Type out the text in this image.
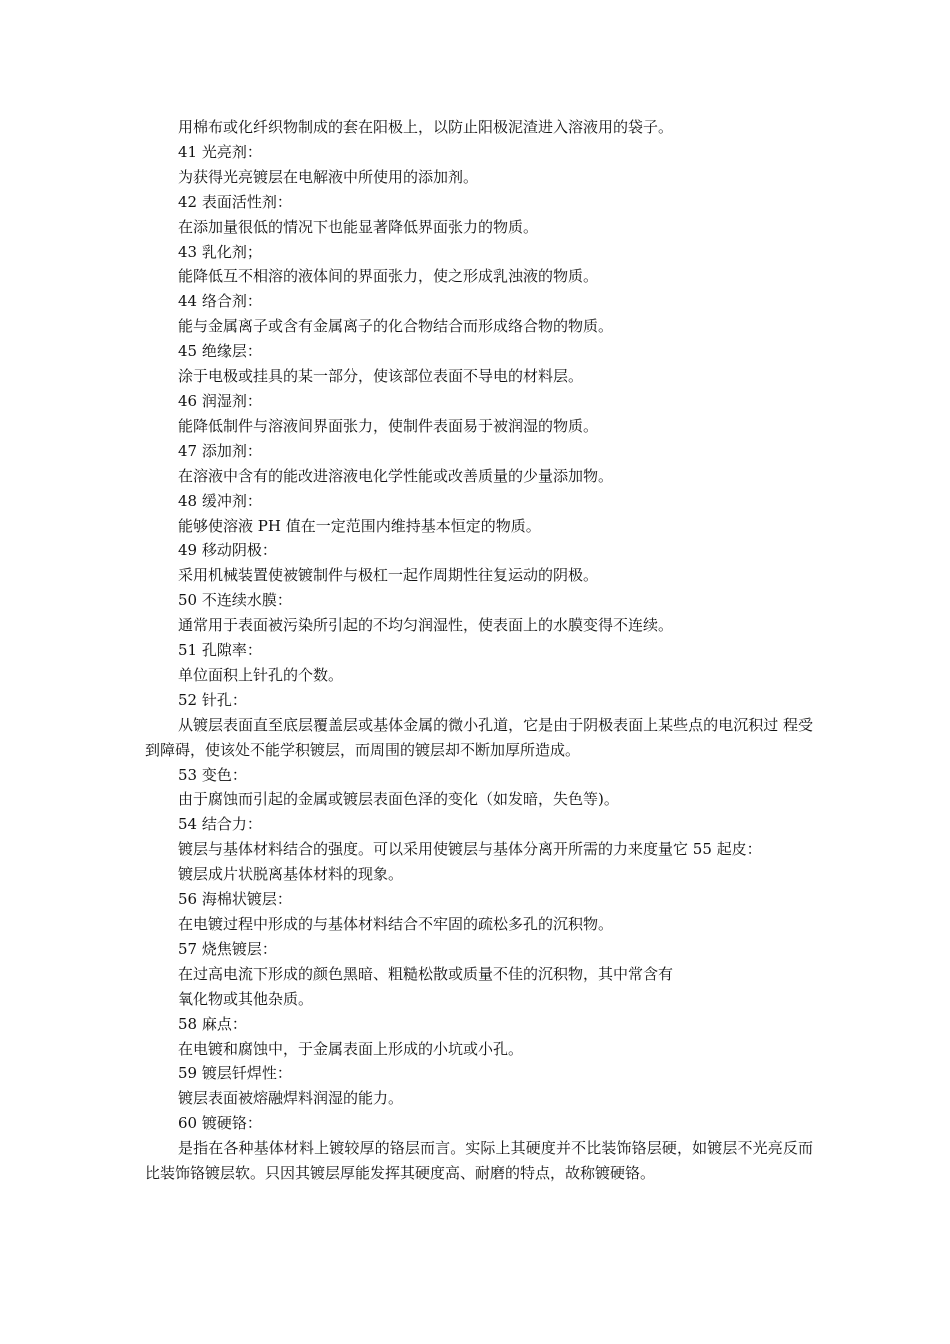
用棉布或化纤织物制成的套在阳极上，以防止阳极泥渣进入溶液用的袋子。
41 光亮剂：
为获得光亮镀层在电解液中所使用的添加剂。
42 表面活性剂：
在添加量很低的情况下也能显著降低界面张力的物质。
43 乳化剂；
能降低互不相溶的液体间的界面张力，使之形成乳浊液的物质。
44 络合剂：
能与金属离子或含有金属离子的化合物结合而形成络合物的物质。
45 绝缘层：
涂于电极或挂具的某一部分，使该部位表面不导电的材料层。
46 润湿剂：
能降低制件与溶液间界面张力，使制件表面易于被润湿的物质。
47 添加剂：
在溶液中含有的能改进溶液电化学性能或改善质量的少量添加物。
48 缓冲剂：
能够使溶液 PH 值在一定范围内维持基本恒定的物质。
49 移动阴极：
采用机械装置使被镀制件与极杠一起作周期性往复运动的阴极。
50 不连续水膜：
通常用于表面被污染所引起的不均匀润湿性，使表面上的水膜变得不连续。
51 孔隙率：
单位面积上针孔的个数。
52 针孔：
从镀层表面直至底层覆盖层或基体金属的微小孔道，它是由于阴极表面上某些点的电沉积过 程受到障碍，使该处不能学积镀层，而周围的镀层却不断加厚所造成。
53 变色：
由于腐蚀而引起的金属或镀层表面色泽的变化（如发暗，失色等)。
54 结合力：
镀层与基体材料结合的强度。可以采用使镀层与基体分离开所需的力来度量它 55 起皮：
镀层成片状脱离基体材料的现象。
56 海棉状镀层：
在电镀过程中形成的与基体材料结合不牢固的疏松多孔的沉积物。
57 烧焦镀层：
在过高电流下形成的颜色黑暗、粗糙松散或质量不佳的沉积物，其中常含有
氧化物或其他杂质。
58 麻点：
在电镀和腐蚀中，于金属表面上形成的小坑或小孔。
59 镀层钎焊性：
镀层表面被熔融焊料润湿的能力。
60 镀硬铬：
是指在各种基体材料上镀较厚的铬层而言。实际上其硬度并不比装饰铬层硬，如镀层不光亮反而比装饰铬镀层软。只因其镀层厚能发挥其硬度高、耐磨的特点，故称镀硬铬。
